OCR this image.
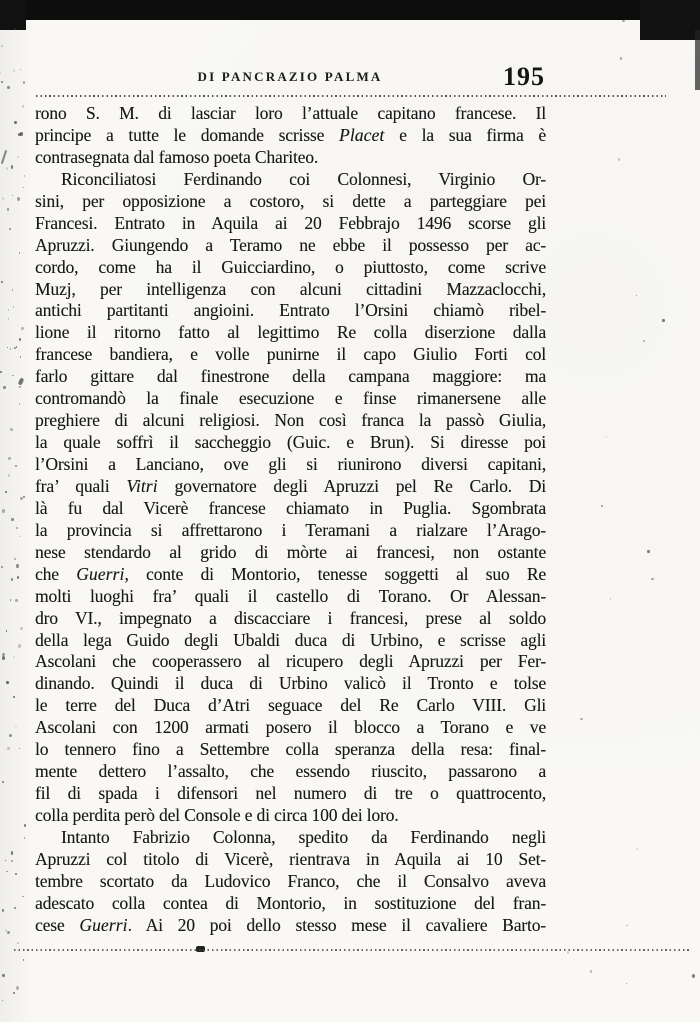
DI PANCRAZIO PALMA	195
rono S. M. di lasciar loro l’attuale capitano francese. Il
principe a tutte le domande scrisse Placet e la sua firma è
contrasegnata dal famoso poeta Chariteo.
Riconciliatosi Ferdinando coi Colonnesi, Virginio Or-
sini, per opposizione a costoro, si dette a parteggiare pei
Francesi. Entrato in Aquila ai 20 Febbrajo 1496 scorse gli
Apruzzi. Giungendo a Teramo ne ebbe il possesso per ac-
cordo, come ha il Guicciardino, o piuttosto, come scrive
Muzj, per intelligenza con alcuni cittadini Mazzaclocchi,
antichi partitanti angioini. Entrato l’Orsini chiamò ribel-
lione il ritorno fatto al legittimo Re colla diserzione dalla
francese bandiera, e volle punirne il capo Giulio Forti col
farlo gittare dal finestrone della campana maggiore: ma
contromandò la finale esecuzione e finse rimanersene alle
preghiere di alcuni religiosi. Non così franca la passò Giulia,
la quale soffrì il saccheggio (Guic. e Brun). Si diresse poi
l’Orsini a Lanciano, ove gli si riunirono diversi capitani,
fra’ quali Vitri governatore degli Apruzzi pel Re Carlo. Di
là fu dal Vicerè francese chiamato in Puglia. Sgombrata
la provincia si affrettarono i Teramani a rialzare l’Arago-
nese stendardo al grido di mòrte ai francesi, non ostante
che Guerri, conte di Montorio, tenesse soggetti al suo Re
molti luoghi fra’ quali il castello di Torano. Or Alessan-
dro VI., impegnato a discacciare i francesi, prese al soldo
della lega Guido degli Ubaldi duca di Urbino, e scrisse agli
Ascolani che cooperassero al ricupero degli Apruzzi per Fer-
dinando. Quindi il duca di Urbino valicò il Tronto e tolse
le terre del Duca d’Atri seguace del Re Carlo VIII. Gli
Ascolani con 1200 armati posero il blocco a Torano e ve
lo tennero fino a Settembre colla speranza della resa: final-
mente dettero l’assalto, che essendo riuscito, passarono a
fil di spada i difensori nel numero di tre o quattrocento,
colla perdita però del Console e di circa 100 dei loro.
Intanto Fabrizio Colonna, spedito da Ferdinando negli
Apruzzi col titolo di Vicerè, rientrava in Aquila ai 10 Set-
tembre scortato da Ludovico Franco, che il Consalvo aveva
adescato colla contea di Montorio, in sostituzione del fran-
cese Guerri. Ai 20 poi dello stesso mese il cavaliere Barto-
